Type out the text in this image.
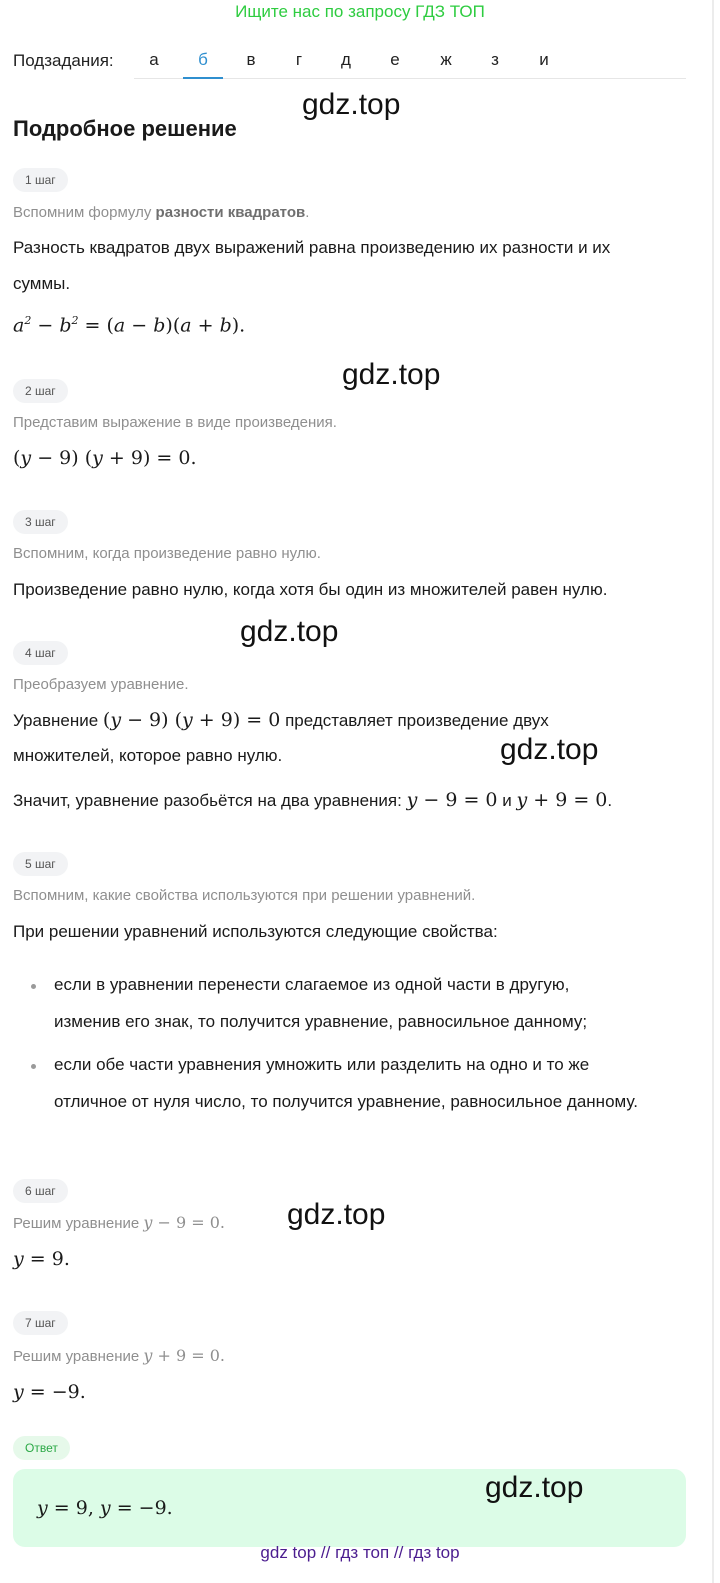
Ищите нас по запросу ГДЗ ТОП
Подзадания:	а	б	в	г	д	е	ж	з	и
gdz.top
Подробное решение
1 шаг
Вспомним формулу разности квадратов.
Разность квадратов двух выражений равна произведению их разности и их
суммы.
$a^2 - b^2 = (a - b)(a + b)$.
gdz.top
2 шаг
Представим выражение в виде произведения.
(y − 9) (y + 9) = 0.
3 шаг
Вспомним, когда произведение равно нулю.
Произведение равно нулю, когда хотя бы один из множителей равен нулю.
gdz.top
4 шаг
Преобразуем уравнение.
Уравнение (y − 9) (y + 9) = 0 представляет произведение двух
множителей, которое равно нулю.	gdz.top
Значит, уравнение разобьётся на два уравнения: y − 9 = 0 и y + 9 = 0.
5 шаг
Вспомним, какие свойства используются при решении уравнений.
При решении уравнений используются следующие свойства:
если в уравнении перенести слагаемое из одной части в другую,
изменив его знак, то получится уравнение, равносильное данному;
если обе части уравнения умножить или разделить на одно и то же
отличное от нуля число, то получится уравнение, равносильное данному.
6 шаг
Решим уравнение y − 9 = 0. gdz.top
y = 9.
7 шаг
Решим уравнение y + 9 = 0.
y = −9.
Ответ
y = 9, y = −9.
gdz.top
gdz top // гдз топ // гдз top
